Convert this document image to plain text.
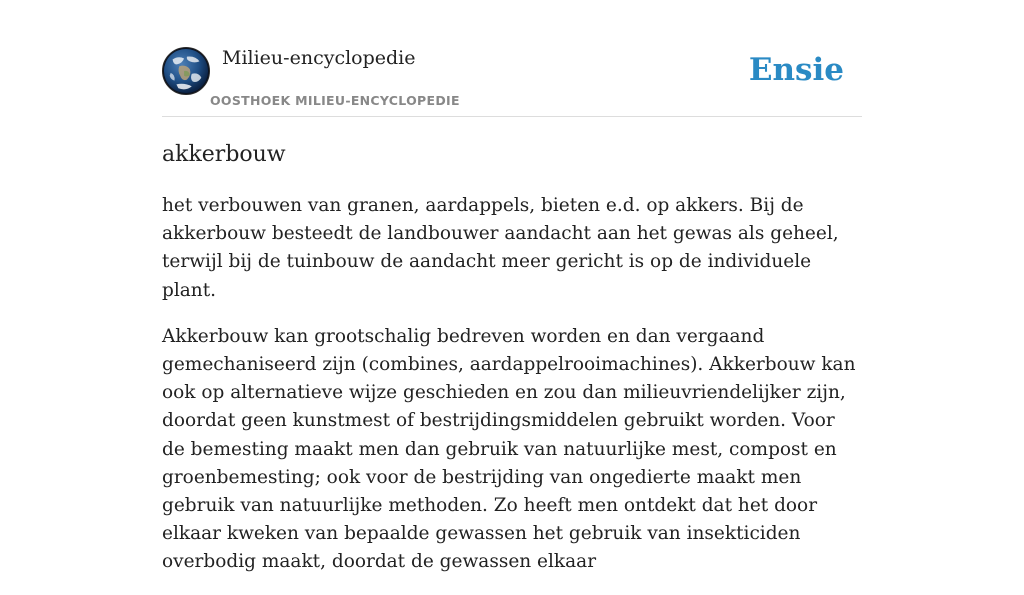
Milieu-encyclopedie
OOSTHOEK MILIEU-ENCYCLOPEDIE
Ensie
akkerbouw

het verbouwen van granen, aardappels, bieten e.d. op akkers. Bij de akkerbouw besteedt de landbouwer aandacht aan het gewas als geheel, terwijl bij de tuinbouw de aandacht meer gericht is op de individuele plant.

Akkerbouw kan grootschalig bedreven worden en dan vergaand gemechaniseerd zijn (combines, aardappelrooimachines). Akkerbouw kan ook op alternatieve wijze geschieden en zou dan milieuvriendelijker zijn, doordat geen kunstmest of bestrijdingsmiddelen gebruikt worden. Voor de bemesting maakt men dan gebruik van natuurlijke mest, compost en groenbemesting; ook voor de bestrijding van ongedierte maakt men gebruik van natuurlijke methoden. Zo heeft men ontdekt dat het door elkaar kweken van bepaalde gewassen het gebruik van insekticiden overbodig maakt, doordat de gewassen elkaar
